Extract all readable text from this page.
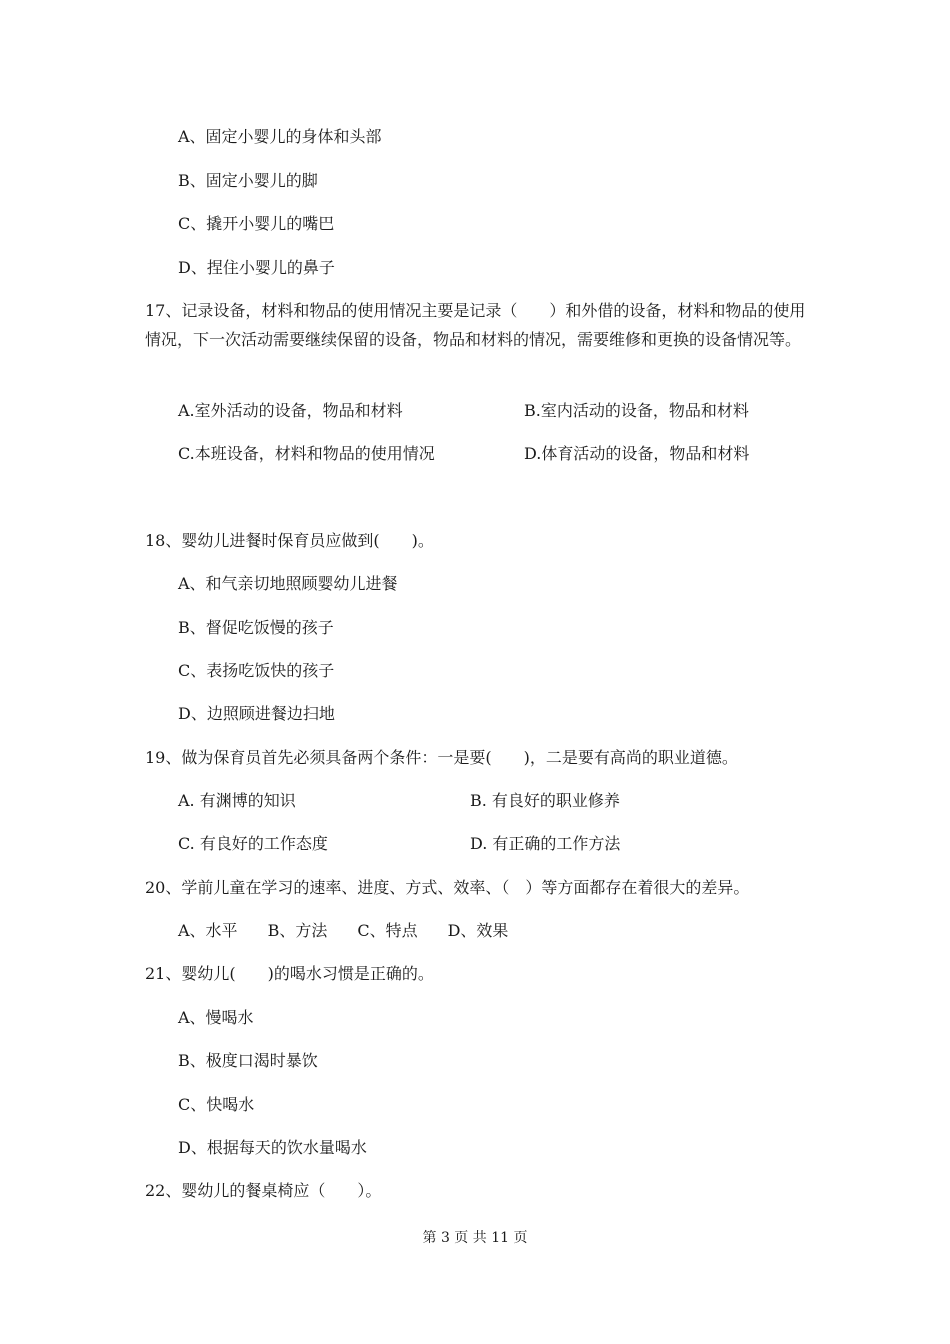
A、固定小婴儿的身体和头部
B、固定小婴儿的脚
C、撬开小婴儿的嘴巴
D、捏住小婴儿的鼻子
17、记录设备，材料和物品的使用情况主要是记录（　　）和外借的设备，材料和物品的使用情况，下一次活动需要继续保留的设备，物品和材料的情况，需要维修和更换的设备情况等。
A.室外活动的设备，物品和材料	B.室内活动的设备，物品和材料
C.本班设备，材料和物品的使用情况	D.体育活动的设备，物品和材料
18、婴幼儿进餐时保育员应做到(　　)。
A、和气亲切地照顾婴幼儿进餐
B、督促吃饭慢的孩子
C、表扬吃饭快的孩子
D、边照顾进餐边扫地
19、做为保育员首先必须具备两个条件：一是要(　　)，二是要有高尚的职业道德。
A. 有渊博的知识	B. 有良好的职业修养
C. 有良好的工作态度	D. 有正确的工作方法
20、学前儿童在学习的速率、进度、方式、效率、（　）等方面都存在着很大的差异。
A、水平 B、方法 C、特点 D、效果
21、婴幼儿(　　)的喝水习惯是正确的。
A、慢喝水
B、极度口渴时暴饮
C、快喝水
D、根据每天的饮水量喝水
22、婴幼儿的餐桌椅应（　　）。
第 3 页 共 11 页
